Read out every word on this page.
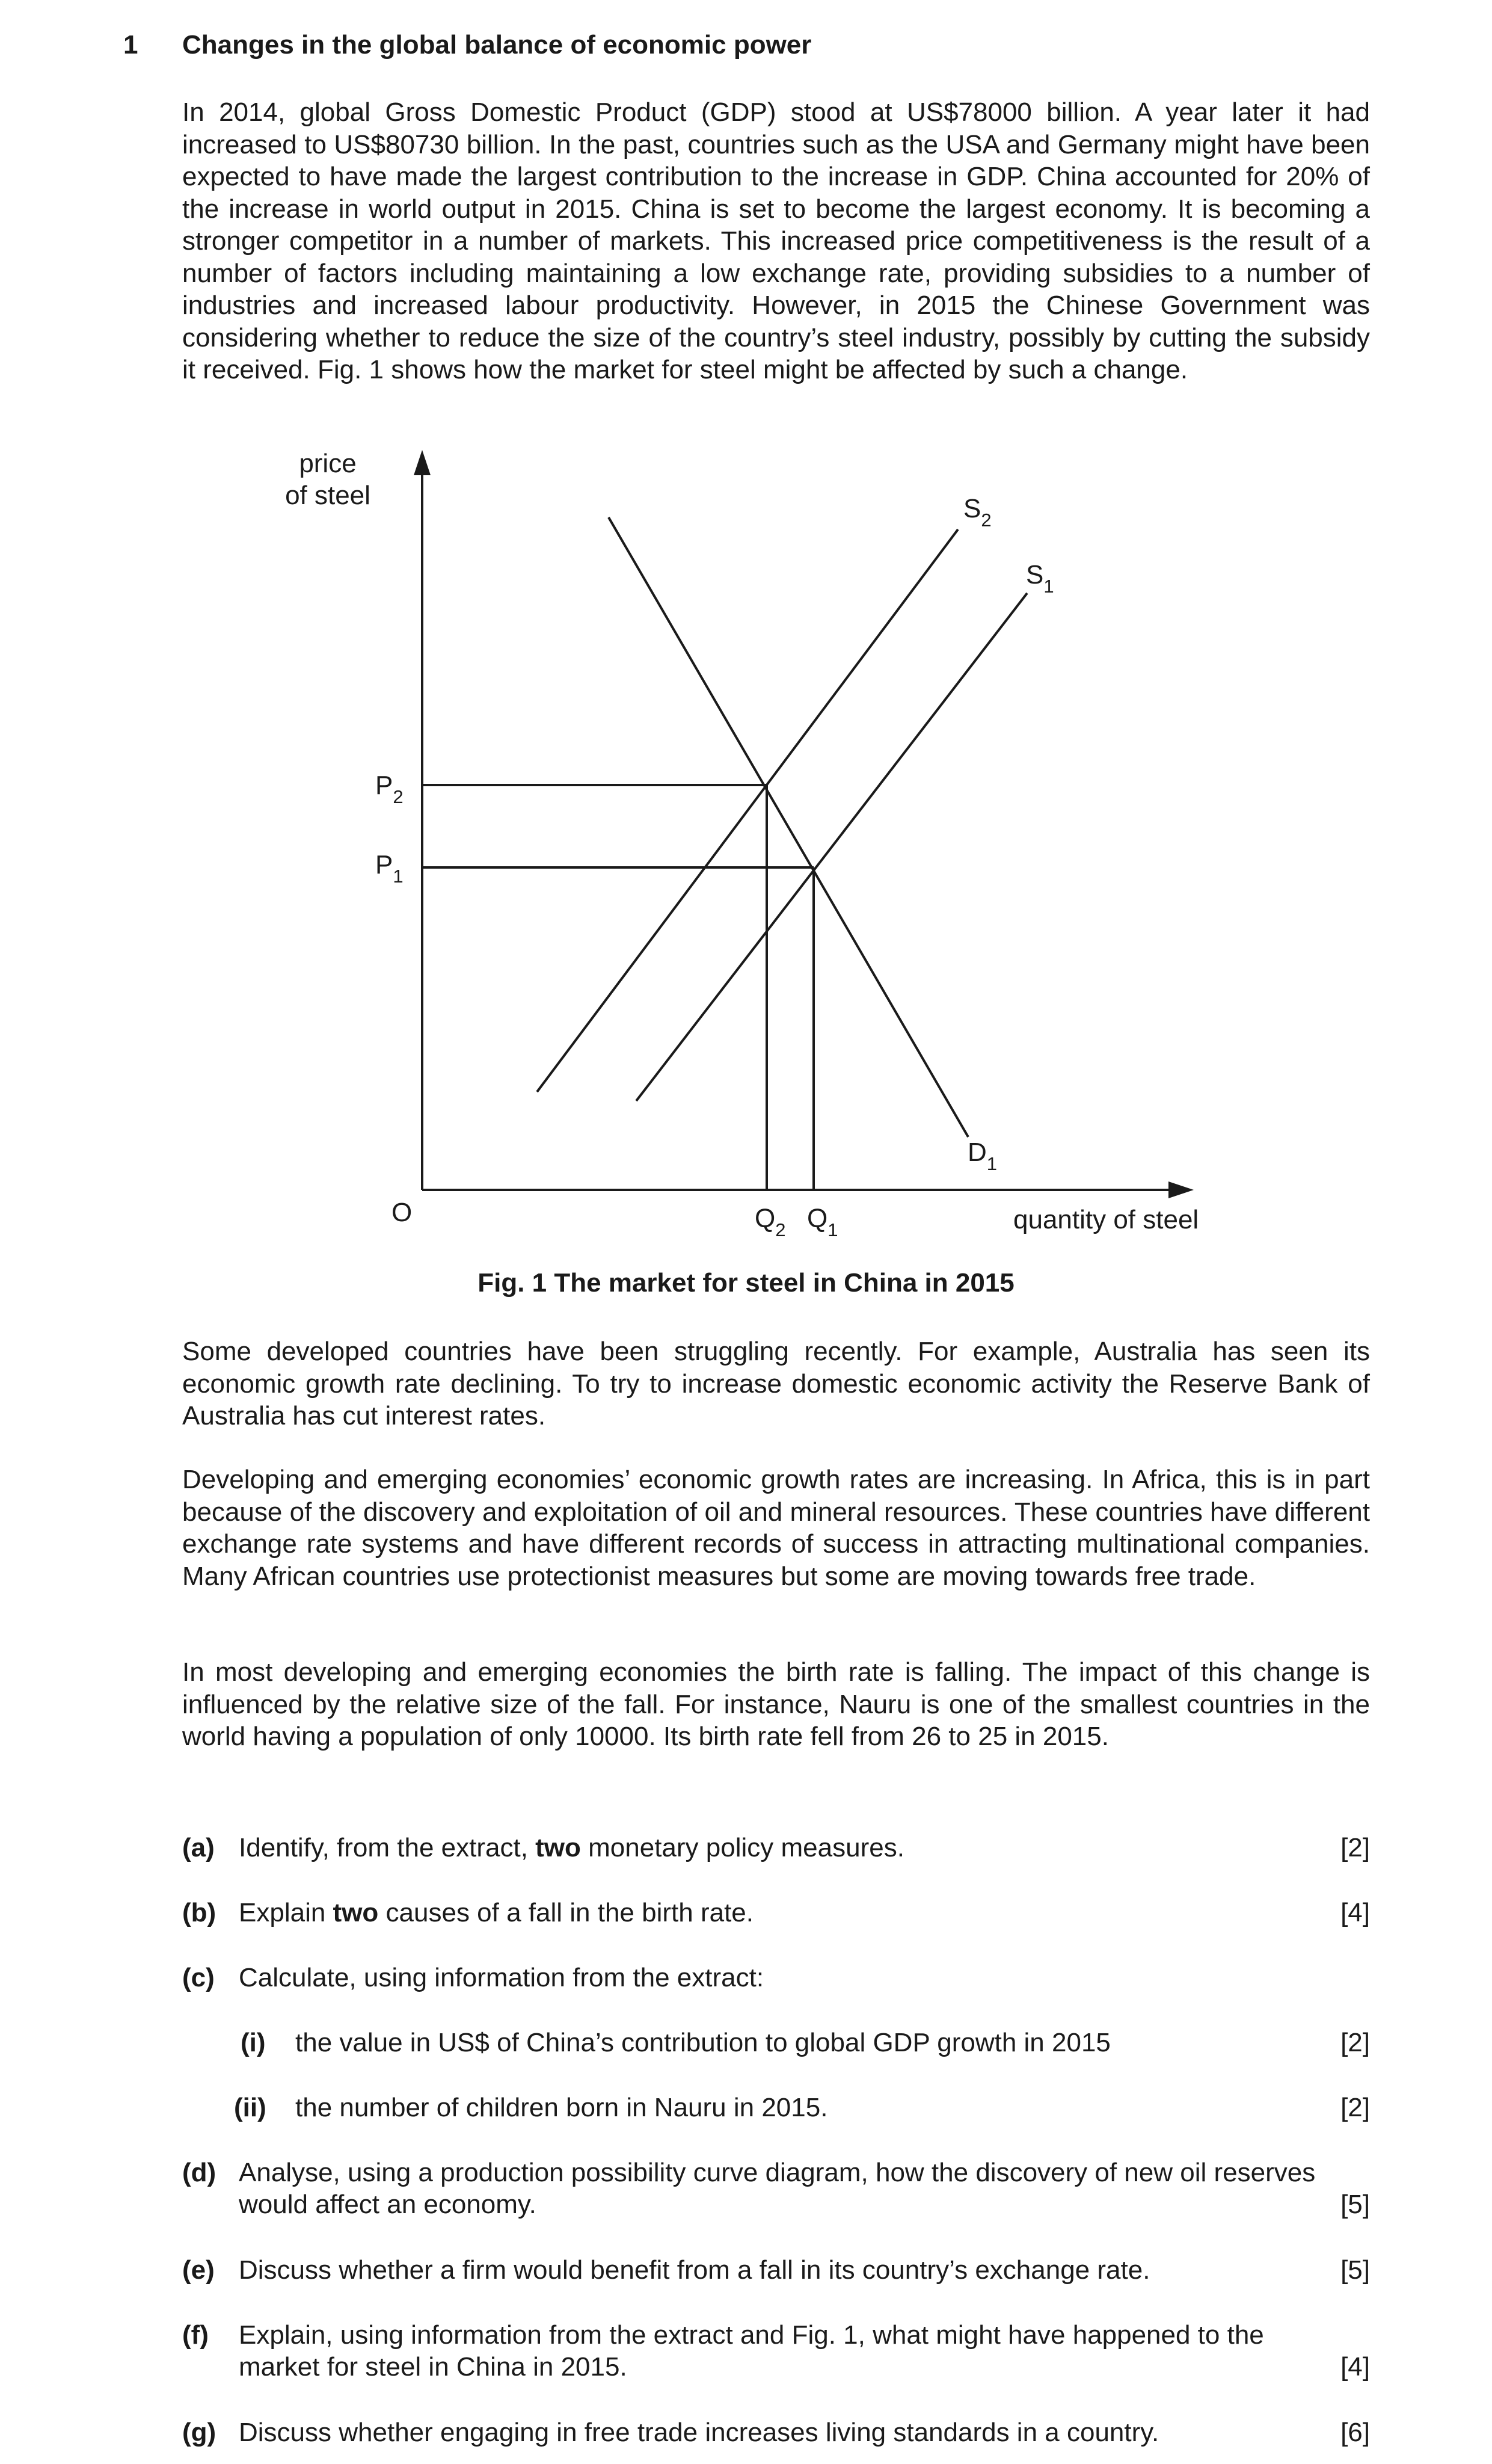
1 Changes in the global balance of economic power

In 2014, global Gross Domestic Product (GDP) stood at US$78000 billion. A year later it had increased to US$80730 billion. In the past, countries such as the USA and Germany might have been expected to have made the largest contribution to the increase in GDP. China accounted for 20% of the increase in world output in 2015. China is set to become the largest economy. It is becoming a stronger competitor in a number of markets. This increased price competitiveness is the result of a number of factors including maintaining a low exchange rate, providing subsidies to a number of industries and increased labour productivity. However, in 2015 the Chinese Government was considering whether to reduce the size of the country’s steel industry, possibly by cutting the subsidy it received. Fig. 1 shows how the market for steel might be affected by such a change.

price
of steel
quantity of steel
O
$P_2$
$P_1$
$Q_2$ $Q_1$
$S_2$
$S_1$
$D_1$
Fig. 1 The market for steel in China in 2015

Some developed countries have been struggling recently. For example, Australia has seen its economic growth rate declining. To try to increase domestic economic activity the Reserve Bank of Australia has cut interest rates.

Developing and emerging economies’ economic growth rates are increasing. In Africa, this is in part because of the discovery and exploitation of oil and mineral resources. These countries have different exchange rate systems and have different records of success in attracting multinational companies. Many African countries use protectionist measures but some are moving towards free trade.

In most developing and emerging economies the birth rate is falling. The impact of this change is influenced by the relative size of the fall. For instance, Nauru is one of the smallest countries in the world having a population of only 10000. Its birth rate fell from 26 to 25 in 2015.

(a) Identify, from the extract, two monetary policy measures.	[2]
(b) Explain two causes of a fall in the birth rate.	[4]
(c) Calculate, using information from the extract:
(i) the value in US$ of China’s contribution to global GDP growth in 2015	[2]
(ii) the number of children born in Nauru in 2015.	[2]
(d) Analyse, using a production possibility curve diagram, how the discovery of new oil reserves
would affect an economy.	[5]
(e) Discuss whether a firm would benefit from a fall in its country’s exchange rate.	[5]
(f) Explain, using information from the extract and Fig. 1, what might have happened to the
market for steel in China in 2015.	[4]
(g) Discuss whether engaging in free trade increases living standards in a country.	[6]
